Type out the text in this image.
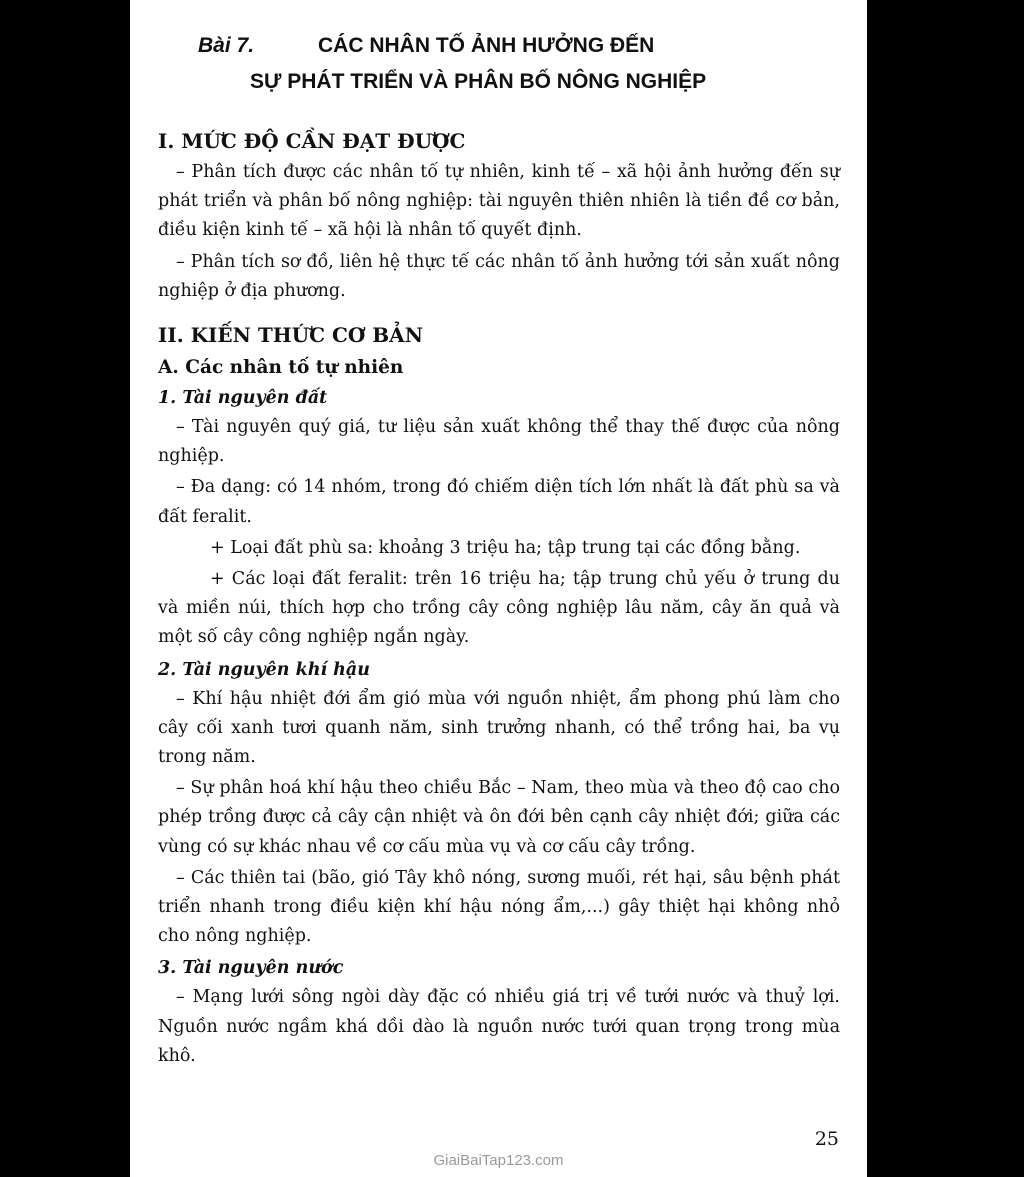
Bài 7.	CÁC NHÂN TỐ ẢNH HƯỞNG ĐẾN
SỰ PHÁT TRIỂN VÀ PHÂN BỐ NÔNG NGHIỆP
I. MỨC ĐỘ CẦN ĐẠT ĐƯỢC

– Phân tích được các nhân tố tự nhiên, kinh tế – xã hội ảnh hưởng đến sự phát triển và phân bố nông nghiệp: tài nguyên thiên nhiên là tiền đề cơ bản, điều kiện kinh tế – xã hội là nhân tố quyết định.

– Phân tích sơ đồ, liên hệ thực tế các nhân tố ảnh hưởng tới sản xuất nông nghiệp ở địa phương.

II. KIẾN THỨC CƠ BẢN
A. Các nhân tố tự nhiên
1. Tài nguyên đất

– Tài nguyên quý giá, tư liệu sản xuất không thể thay thế được của nông nghiệp.

– Đa dạng: có 14 nhóm, trong đó chiếm diện tích lớn nhất là đất phù sa và đất feralit.

+ Loại đất phù sa: khoảng 3 triệu ha; tập trung tại các đồng bằng.

+ Các loại đất feralit: trên 16 triệu ha; tập trung chủ yếu ở trung du và miền núi, thích hợp cho trồng cây công nghiệp lâu năm, cây ăn quả và một số cây công nghiệp ngắn ngày.

2. Tài nguyên khí hậu

– Khí hậu nhiệt đới ẩm gió mùa với nguồn nhiệt, ẩm phong phú làm cho cây cối xanh tươi quanh năm, sinh trưởng nhanh, có thể trồng hai, ba vụ trong năm.

– Sự phân hoá khí hậu theo chiều Bắc – Nam, theo mùa và theo độ cao cho phép trồng được cả cây cận nhiệt và ôn đới bên cạnh cây nhiệt đới; giữa các vùng có sự khác nhau về cơ cấu mùa vụ và cơ cấu cây trồng.

– Các thiên tai (bão, gió Tây khô nóng, sương muối, rét hại, sâu bệnh phát triển nhanh trong điều kiện khí hậu nóng ẩm,...) gây thiệt hại không nhỏ cho nông nghiệp.

3. Tài nguyên nước

– Mạng lưới sông ngòi dày đặc có nhiều giá trị về tưới nước và thuỷ lợi. Nguồn nước ngầm khá dồi dào là nguồn nước tưới quan trọng trong mùa khô.

25
GiaiBaiTap123.com
